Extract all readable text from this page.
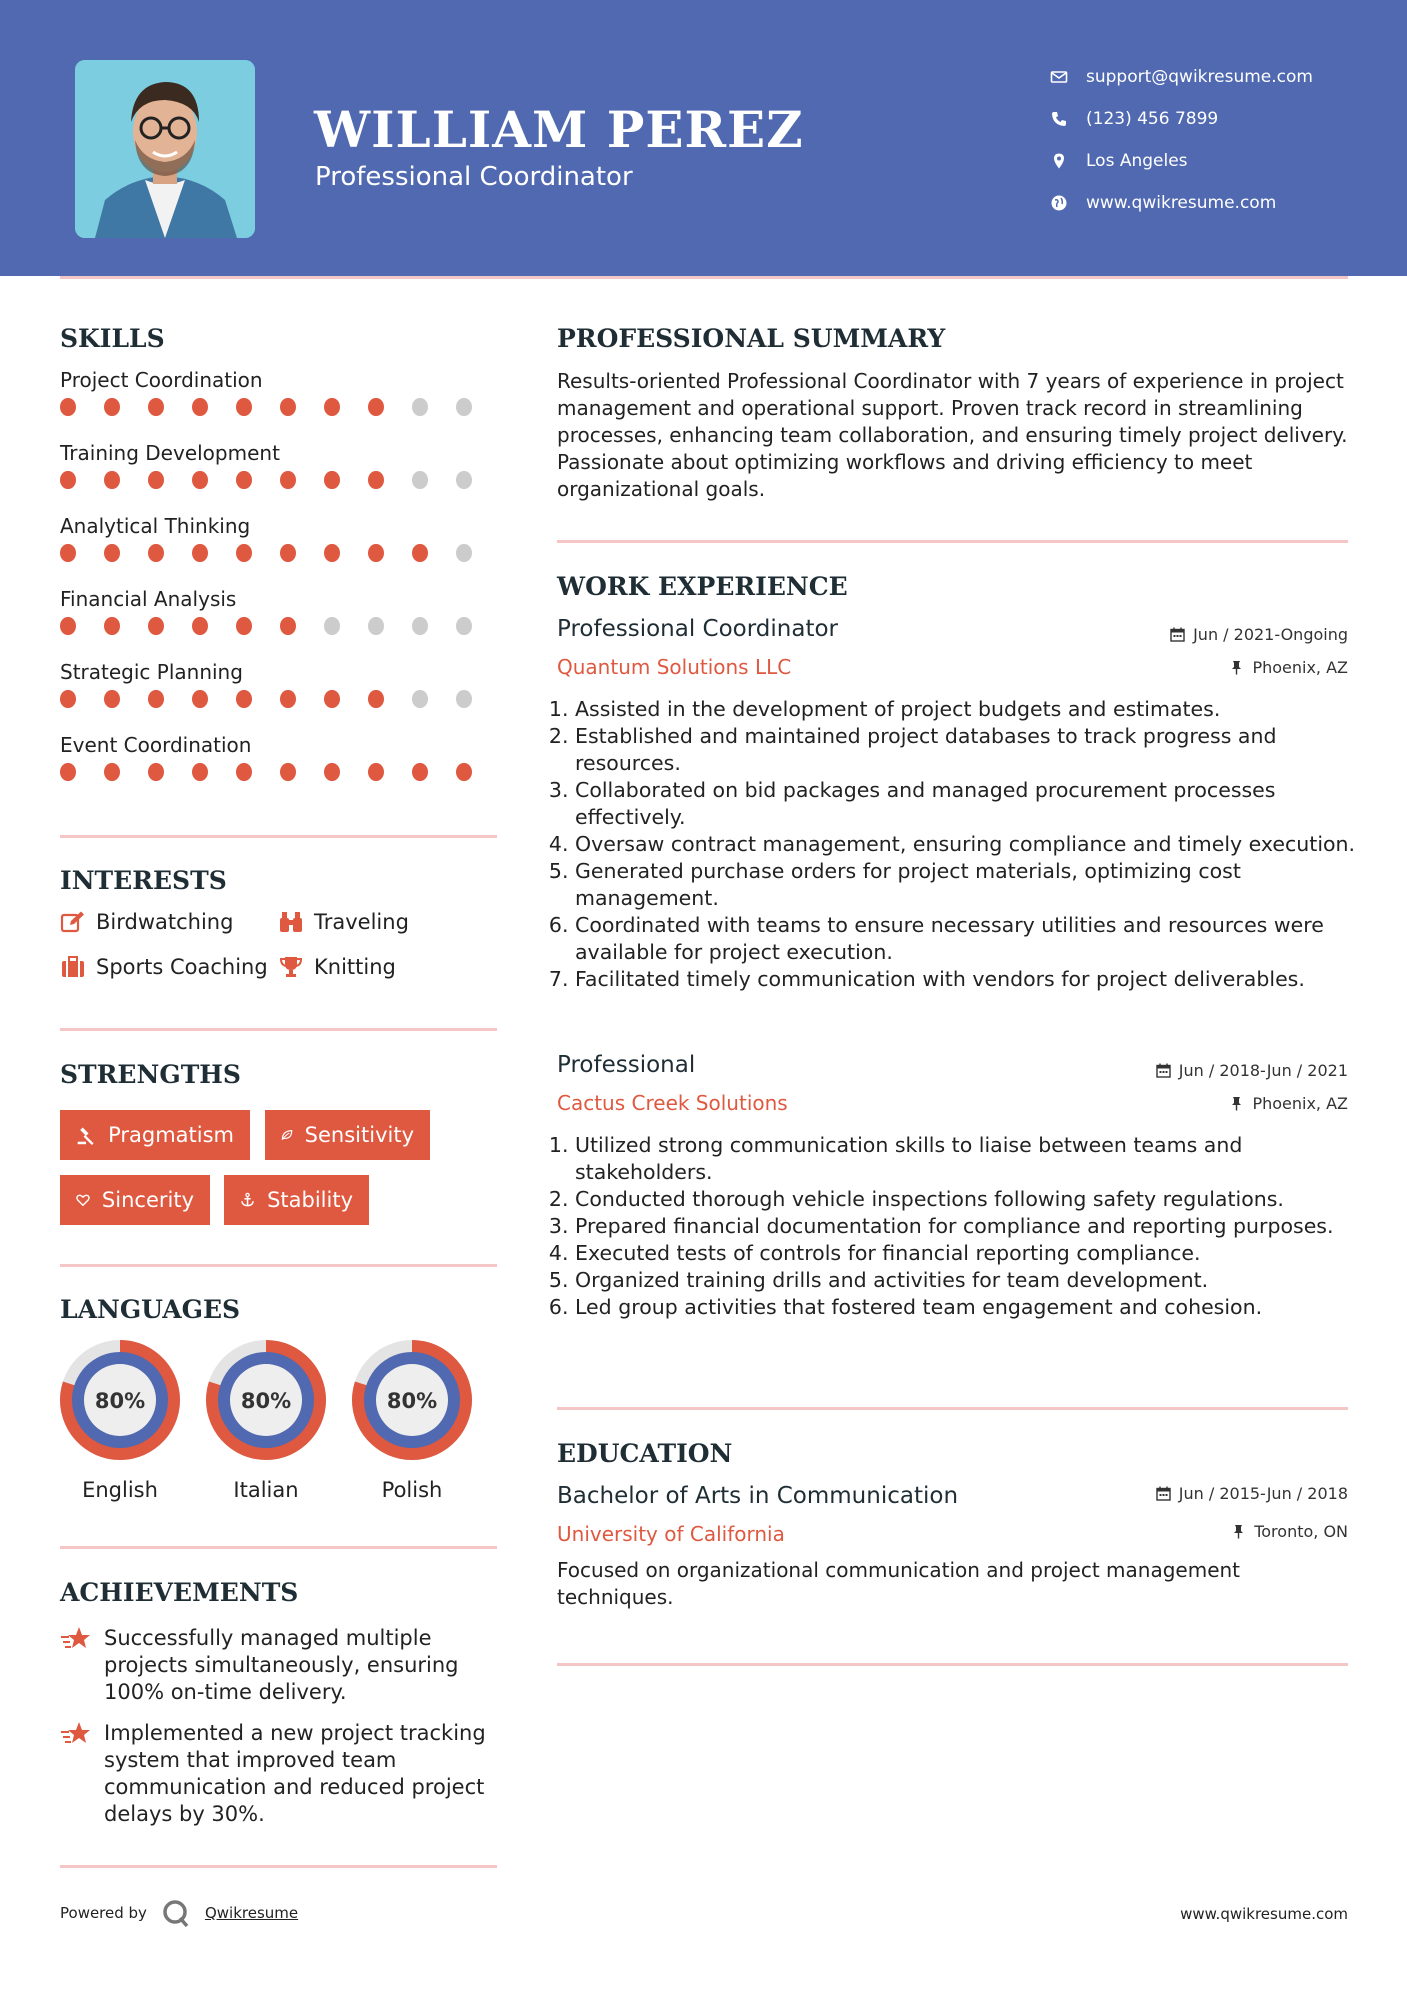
WILLIAM PEREZ
Professional Coordinator
support@qwikresume.com
(123) 456 7899
Los Angeles
www.qwikresume.com
SKILLS
Project Coordination
Training Development
Analytical Thinking
Financial Analysis
Strategic Planning
Event Coordination
INTERESTS
Birdwatching	Traveling
Sports Coaching Knitting
STRENGTHS
Pragmatism	Sensitivity
Sincerity	Stability
LANGUAGES
80%
English
80%
Italian
80%
Polish
ACHIEVEMENTS
Successfully managed multiple projects simultaneously, ensuring 100% on-time delivery.
Implemented a new project tracking system that improved team communication and reduced project delays by 30%.
PROFESSIONAL SUMMARY
Results-oriented Professional Coordinator with 7 years of experience in project management and operational support. Proven track record in streamlining processes, enhancing team collaboration, and ensuring timely project delivery. Passionate about optimizing workflows and driving efficiency to meet organizational goals.
WORK EXPERIENCE
Professional Coordinator	Jun / 2021-Ongoing
Quantum Solutions LLC	Phoenix, AZ
1. Assisted in the development of project budgets and estimates.
2. Established and maintained project databases to track progress and resources.
3. Collaborated on bid packages and managed procurement processes effectively.
4. Oversaw contract management, ensuring compliance and timely execution.
5. Generated purchase orders for project materials, optimizing cost management.
6. Coordinated with teams to ensure necessary utilities and resources were available for project execution.
7. Facilitated timely communication with vendors for project deliverables.
Professional	Jun / 2018-Jun / 2021
Cactus Creek Solutions	Phoenix, AZ
1. Utilized strong communication skills to liaise between teams and stakeholders.
2. Conducted thorough vehicle inspections following safety regulations.
3. Prepared financial documentation for compliance and reporting purposes.
4. Executed tests of controls for financial reporting compliance.
5. Organized training drills and activities for team development.
6. Led group activities that fostered team engagement and cohesion.
EDUCATION
Bachelor of Arts in Communication	Jun / 2015-Jun / 2018
University of California	Toronto, ON
Focused on organizational communication and project management techniques.
Powered by	Qwikresume	www.qwikresume.com
